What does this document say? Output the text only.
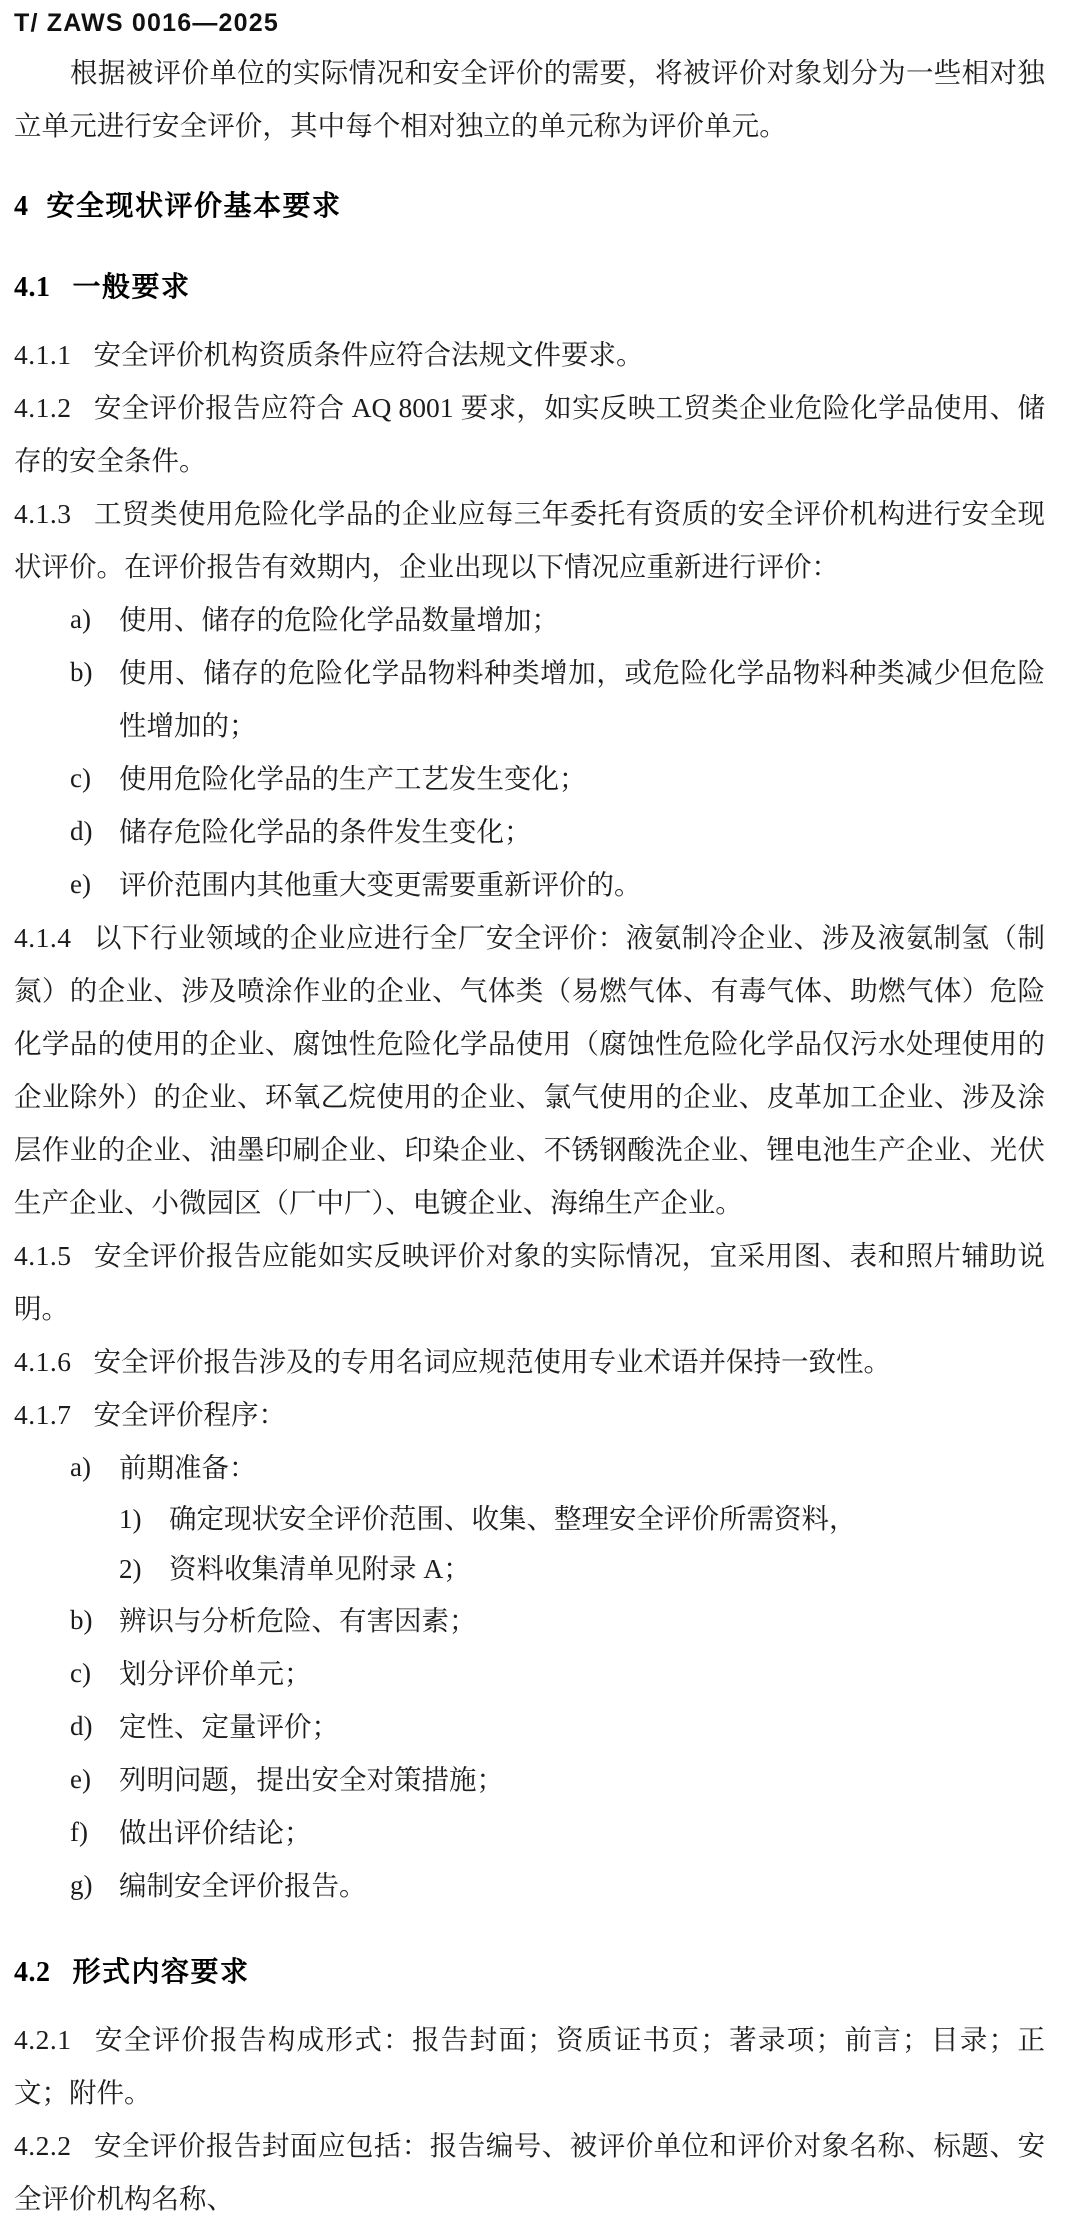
T/ ZAWS 0016—2025

根据被评价单位的实际情况和安全评价的需要，将被评价对象划分为一些相对独立单元进行安全评价，其中每个相对独立的单元称为评价单元。

4 安全现状评价基本要求
4.1 一般要求

4.1.1 安全评价机构资质条件应符合法规文件要求。

4.1.2 安全评价报告应符合 AQ 8001 要求，如实反映工贸类企业危险化学品使用、储存的安全条件。

4.1.3 工贸类使用危险化学品的企业应每三年委托有资质的安全评价机构进行安全现状评价。在评价报告有效期内，企业出现以下情况应重新进行评价：

a)	使用、储存的危险化学品数量增加；
b) 使用、储存的危险化学品物料种类增加，或危险化学品物料种类减少但危险性增加的；
c)	使用危险化学品的生产工艺发生变化；
d) 储存危险化学品的条件发生变化；
e)	评价范围内其他重大变更需要重新评价的。

4.1.4 以下行业领域的企业应进行全厂安全评价：液氨制冷企业、涉及液氨制氢（制氮）的企业、涉及喷涂作业的企业、气体类（易燃气体、有毒气体、助燃气体）危险化学品的使用的企业、腐蚀性危险化学品使用（腐蚀性危险化学品仅污水处理使用的企业除外）的企业、环氧乙烷使用的企业、氯气使用的企业、皮革加工企业、涉及涂层作业的企业、油墨印刷企业、印染企业、不锈钢酸洗企业、锂电池生产企业、光伏生产企业、小微园区（厂中厂）、电镀企业、海绵生产企业。

4.1.5 安全评价报告应能如实反映评价对象的实际情况，宜采用图、表和照片辅助说明。

4.1.6 安全评价报告涉及的专用名词应规范使用专业术语并保持一致性。

4.1.7 安全评价程序：

a)	前期准备：
1)	确定现状安全评价范围、收集、整理安全评价所需资料，
2)	资料收集清单见附录 A；
b) 辨识与分析危险、有害因素；
c)	划分评价单元；
d) 定性、定量评价；
e)	列明问题，提出安全对策措施；
f)	做出评价结论；
g) 编制安全评价报告。
4.2 形式内容要求

4.2.1 安全评价报告构成形式：报告封面；资质证书页；著录项；前言；目录；正文；附件。

4.2.2 安全评价报告封面应包括：报告编号、被评价单位和评价对象名称、标题、安全评价机构名称、
